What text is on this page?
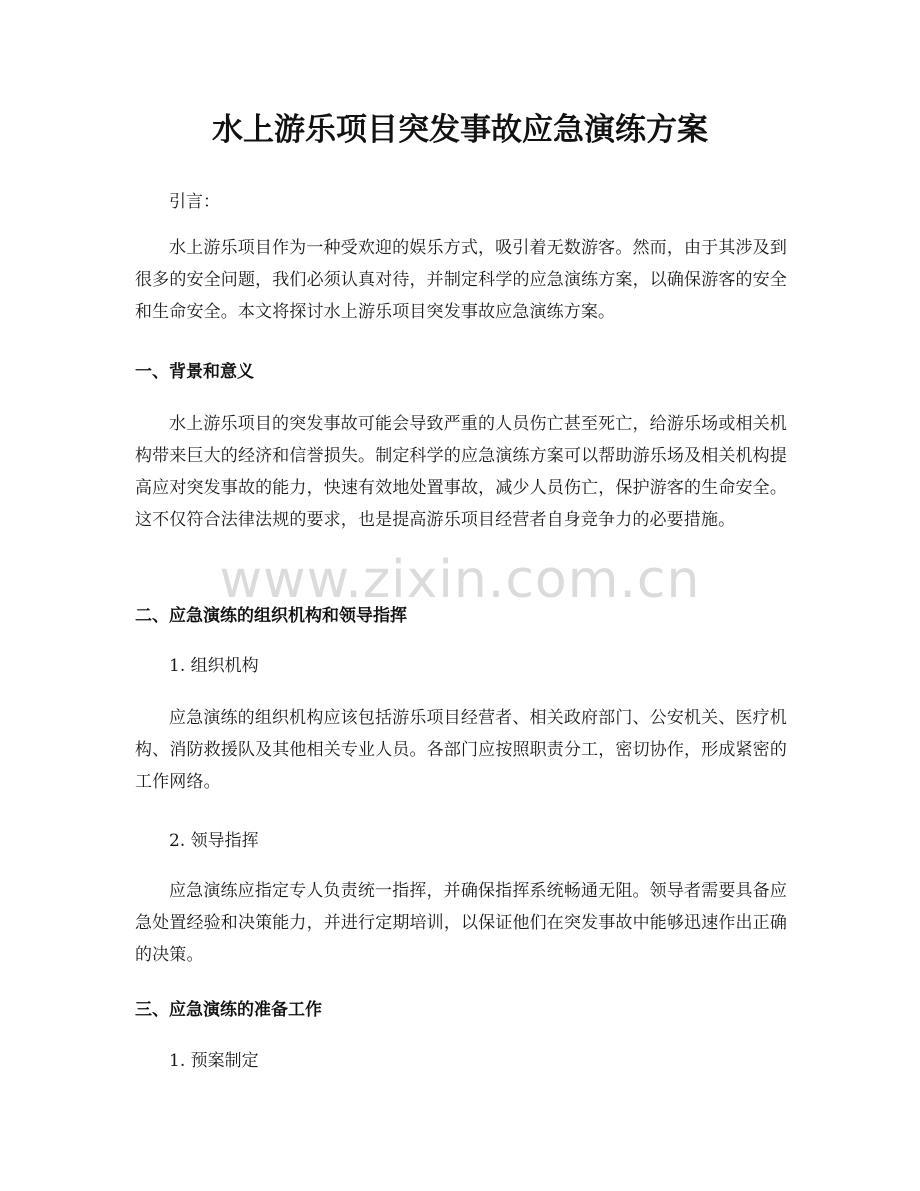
水上游乐项目突发事故应急演练方案

引言：

水上游乐项目作为一种受欢迎的娱乐方式，吸引着无数游客。然而，由于其涉及到很多的安全问题，我们必须认真对待，并制定科学的应急演练方案，以确保游客的安全和生命安全。本文将探讨水上游乐项目突发事故应急演练方案。

一、背景和意义

水上游乐项目的突发事故可能会导致严重的人员伤亡甚至死亡，给游乐场或相关机构带来巨大的经济和信誉损失。制定科学的应急演练方案可以帮助游乐场及相关机构提高应对突发事故的能力，快速有效地处置事故，减少人员伤亡，保护游客的生命安全。这不仅符合法律法规的要求，也是提高游乐项目经营者自身竞争力的必要措施。

二、应急演练的组织机构和领导指挥

1. 组织机构

应急演练的组织机构应该包括游乐项目经营者、相关政府部门、公安机关、医疗机构、消防救援队及其他相关专业人员。各部门应按照职责分工，密切协作，形成紧密的工作网络。

2. 领导指挥

应急演练应指定专人负责统一指挥，并确保指挥系统畅通无阻。领导者需要具备应急处置经验和决策能力，并进行定期培训，以保证他们在突发事故中能够迅速作出正确的决策。

三、应急演练的准备工作

1. 预案制定

www.zixin.com.cn
